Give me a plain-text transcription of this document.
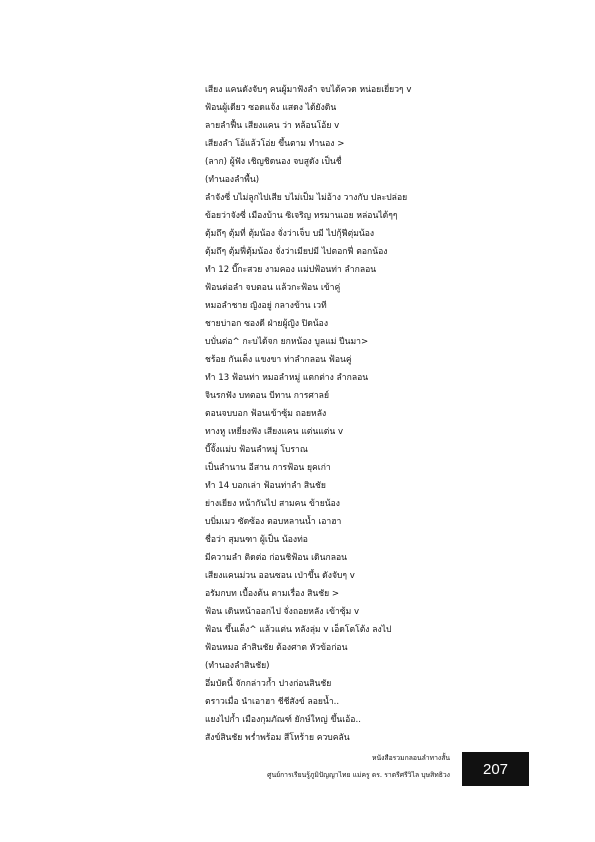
เสียง แคนดังจับๆ คนผู้มาฟังลำ จบได้ควด หน่อยเยี่ยวๆ v
ฟ้อนผู้เดียว ซอดแจ้ง แสดง ได้ยังดิน
ลายลำฟื้น เสียงแคน ว่า หล้อนโอ้ย v
เสียงลำ โอ้แล้วโอ่ย ขึ้นตาม ทำนอง >
(ลาก) ผู้ฟัง เชิญชิดนอง จบสูดัง เป็นชื่
(ทำนองลำพื้น)
ลำจังซี่ บไม่ลูกไปเสีย บไม่เป็ม ไม่อ้าง วางกับ ปละปล่อย
ข้อยว่าจังซี่ เมืองบ้าน ซิเจริญ ทรมานเอย หล่อนได้ๆๆ
ตุ้มถึๆ ตุ้มที่ ตุ้มน้อง จั่งว่าเจ็บ บมี ไปกุ้ฟีตุ่มน้อง
ตุ้มถึๆ ตุ้มฟี่ตุ้มน้อง จั่งว่าเมียปมี ไปตอกฟี่ ตอกน้อง
ทำ 12 บี๊กะสวย งามคอง แม่ปฟ้อนท่า ลำกลอน
ฟ้อนต่อลำ จบตอน แล้วกะฟ้อน เข้าคู่
หมอลำชาย ญิงอยู่ กลางข้าน เวที
ชายบ่าอก ซองดี ฝ่ายผู้ญิง ปิดน้อง
บบั่นต่อ^ กะบได้จก ยกหน้อง บูลแม่ ปีนมา>
ชร้อย กันเต็ง แขงขา ท่าลำกลอน ฟ้อนคู่
ทำ 13 ฟ้อนท่า หมอลำหมู่ แตกต่าง ลำกลอน
จินรกฟัง บทตอน บีทาน การศาลย์
ตอนจบบอก ฟ้อนเข้าซุ้ม ถอยหลัง
ทางหู เหยี่ยงฟัง เสียงแคน แต่นแต่น v
บี๊จั้งแม่บ ฟ้อนลำหมู่ โบราณ
เป็นลำนาน อีสาน การฟ้อน ยุคเก่า
ทำ 14 บอกเล่า ฟ้อนท่าลำ สินชัย
ย่างเยียง หน้ากันไป สามคน ข้ายน้อง
บบิ่มเมว ซัดซ้อง ตอบหลานน้ำ เอาฮา
ชื่อว่า สุมนฑา ผู้เป็น น้องท่อ
มีความลำ ติดต่อ ก่อนชิฟ้อน เดินกลอน
เสียงแคนม่วน ออนซอน เป่าขึ้น ดังจับๆ v
อรัมกบท เบื้องต้น ตามเรื่อง สินชัย >
ฟ้อน เดินหน้าออกไป จั่งถอยหลัง เข้าซุ้ม v
ฟ้อน ขึ้นเต็ง^ แล้วแต่น หลังลุ่ม v เอ็ดโตโต้ง ลงไป
ฟ้อนหมอ ลำสินชัย ต้องศาต หัวข้อก่อน
(ทำนองลำสินชัย)
อึ่มบัดนี้ จักกล่าวก้ำ ปางก่อนสินชัย
ตราวเมื่อ นำเอาฮา ชีชีสังข์ ลอยน้ำ..
แยงไปก้ำ เมืองกุมภัณฑ์ ยักษ์ใหญ่ ขึ้นเอ้อ..
สังข์สินชัย พร่ำพร้อม สีโหร้าย ควบคลัน
หนังสือรวมกลอนลำทางสั้น
ศูนย์การเรียนรู้ภูมิปัญญาไทย แม่ครู ดร. ราตรีศรีวิไล บุษสิทธิวง 207
